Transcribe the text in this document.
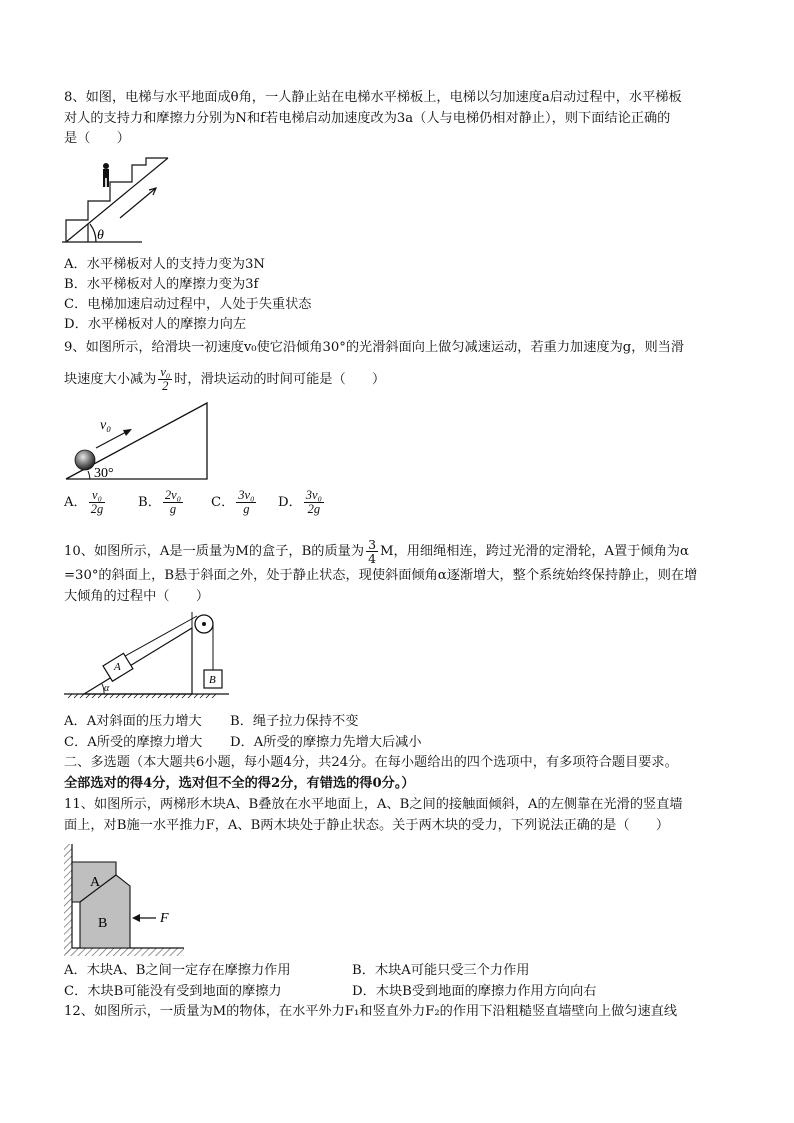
8、如图，电梯与水平地面成θ角，一人静止站在电梯水平梯板上，电梯以匀加速度a启动过程中，水平梯板
对人的支持力和摩擦力分别为N和f若电梯启动加速度改为3a（人与电梯仍相对静止），则下面结论正确的
是（　　）
θ
A．水平梯板对人的支持力变为3N
B．水平梯板对人的摩擦力变为3f
C．电梯加速启动过程中，人处于失重状态
D．水平梯板对人的摩擦力向左
9、如图所示，给滑块一初速度v₀使它沿倾角30°的光滑斜面向上做匀减速运动，若重力加速度为g，则当滑
块速度大小减为 $\frac{\text{v₀}}{2}$ 时，滑块运动的时间可能是（　　）
v₀
30°
A． $\frac{\text{v₀}}{2g}$ B． $\frac{\text{2v₀}}{g}$ C． $\frac{\text{3v₀}}{g}$ D． $\frac{\text{3v₀}}{2g}$
10、如图所示，A是一质量为M的盒子，B的质量为 $\frac{3}{4}$ M，用细绳相连，跨过光滑的定滑轮，A置于倾角为α
=30°的斜面上，B悬于斜面之外，处于静止状态，现使斜面倾角α逐渐增大，整个系统始终保持静止，则在增
大倾角的过程中（　　）
A
B
α
A．A对斜面的压力增大 B．绳子拉力保持不变
C．A所受的摩擦力增大 D．A所受的摩擦力先增大后减小
二、多选题（本大题共6小题，每小题4分，共24分。在每小题给出的四个选项中，有多项符合题目要求。
全部选对的得4分，选对但不全的得2分，有错选的得0分。）
11、如图所示，两梯形木块A、B叠放在水平地面上，A、B之间的接触面倾斜，A的左侧靠在光滑的竖直墙
面上，对B施一水平推力F，A、B两木块处于静止状态。关于两木块的受力，下列说法正确的是（　　）
A
B	F
A．木块A、B之间一定存在摩擦力作用	B．木块A可能只受三个力作用
C．木块B可能没有受到地面的摩擦力	D．木块B受到地面的摩擦力作用方向向右
12、如图所示，一质量为M的物体，在水平外力F₁和竖直外力F₂的作用下沿粗糙竖直墙壁向上做匀速直线
